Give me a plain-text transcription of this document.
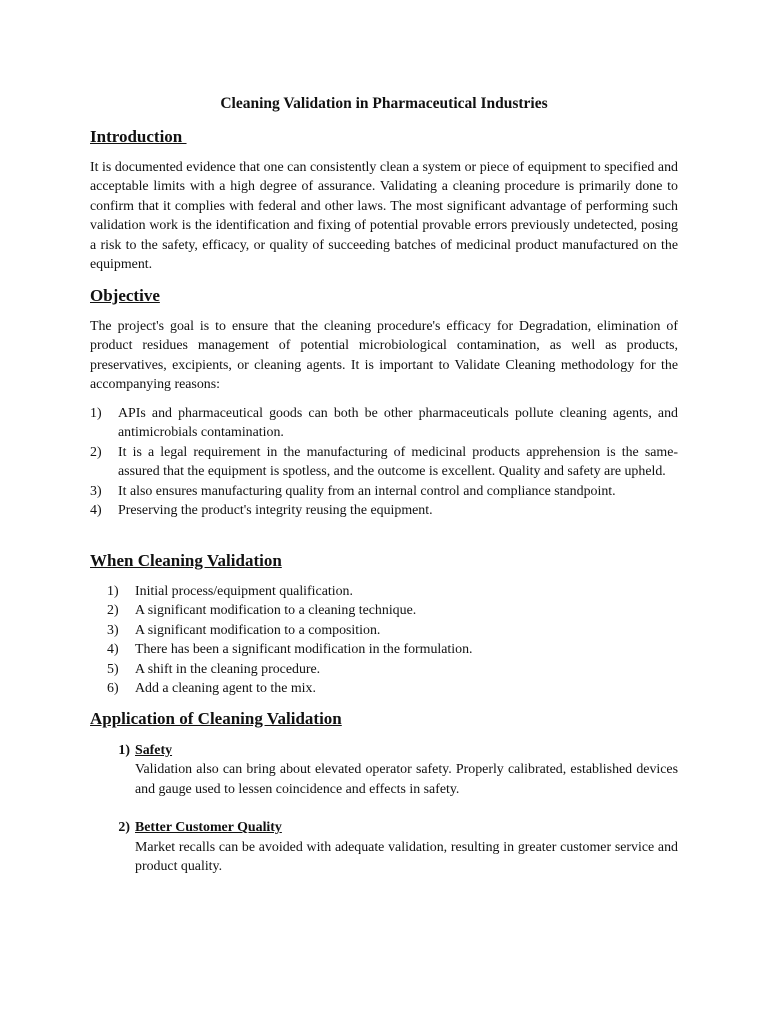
Cleaning Validation in Pharmaceutical Industries
Introduction

It is documented evidence that one can consistently clean a system or piece of equipment to specified and acceptable limits with a high degree of assurance. Validating a cleaning procedure is primarily done to confirm that it complies with federal and other laws. The most significant advantage of performing such validation work is the identification and fixing of potential provable errors previously undetected, posing a risk to the safety, efficacy, or quality of succeeding batches of medicinal product manufactured on the equipment.

Objective

The project's goal is to ensure that the cleaning procedure's efficacy for Degradation, elimination of product residues management of potential microbiological contamination, as well as products, preservatives, excipients, or cleaning agents. It is important to Validate Cleaning methodology for the accompanying reasons:

1) APIs and pharmaceutical goods can both be other pharmaceuticals pollute cleaning agents, and antimicrobials contamination.
2) It is a legal requirement in the manufacturing of medicinal products apprehension is the same-assured that the equipment is spotless, and the outcome is excellent. Quality and safety are upheld.
3) It also ensures manufacturing quality from an internal control and compliance standpoint.
4) Preserving the product's integrity reusing the equipment.
When Cleaning Validation
1) Initial process/equipment qualification.
2) A significant modification to a cleaning technique.
3) A significant modification to a composition.
4) There has been a significant modification in the formulation.
5) A shift in the cleaning procedure.
6) Add a cleaning agent to the mix.
Application of Cleaning Validation
1) Safety
Validation also can bring about elevated operator safety. Properly calibrated, established devices and gauge used to lessen coincidence and effects in safety.
2) Better Customer Quality
Market recalls can be avoided with adequate validation, resulting in greater customer service and product quality.
